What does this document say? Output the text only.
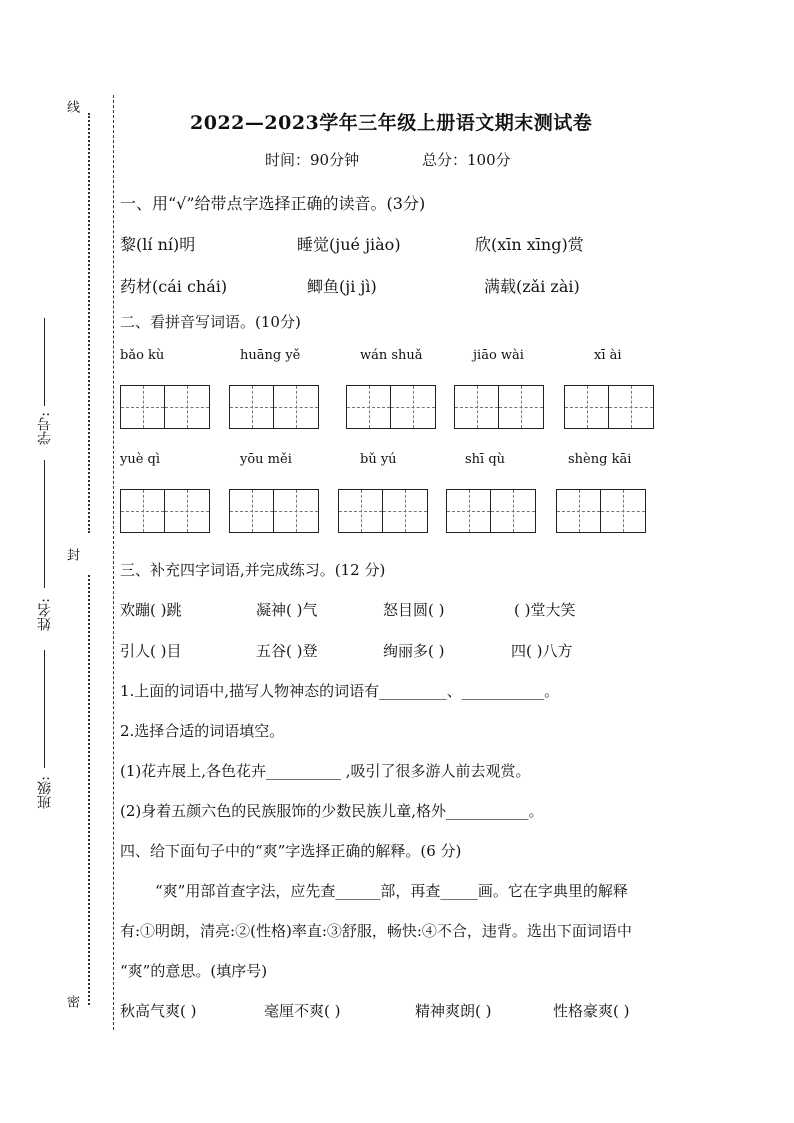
线
封
密
学号:
姓名:
班级:
2022—2023学年三年级上册语文期末测试卷
时间：90分钟	总分：100分
一、用“√”给带点字选择正确的读音。(3分)
黎(lí ní)明	睡觉(jué jiào)	欣(xīn xīng)赏
药材(cái chái)	鲫鱼(ji jì)	满载(zǎi zài)
二、看拼音写词语。(10分)
bǎo kù	huāng yě	wán shuǎ	jiāo wài	xī ài
yuè qì	yōu měi	bǔ yú	shī qù	shèng kāi
三、补充四字词语,并完成练习。(12 分)
欢蹦( )跳	凝神( )气	怒目圆( )	( )堂大笑
引人( )目	五谷( )登	绚丽多( )	四( )八方
1.上面的词语中,描写人物神态的词语有_________、___________。
2.选择合适的词语填空。
(1)花卉展上,各色花卉__________ ,吸引了很多游人前去观赏。
(2)身着五颜六色的民族服饰的少数民族儿童,格外___________。
四、给下面句子中的“爽”字选择正确的解释。(6 分)
“爽”用部首查字法，应先查______部，再查_____画。它在字典里的解释
有:①明朗，清亮:②(性格)率直:③舒服，畅快:④不合，违背。选出下面词语中
“爽”的意思。(填序号)
秋高气爽( )	毫厘不爽( )	精神爽朗( )	性格豪爽( )
